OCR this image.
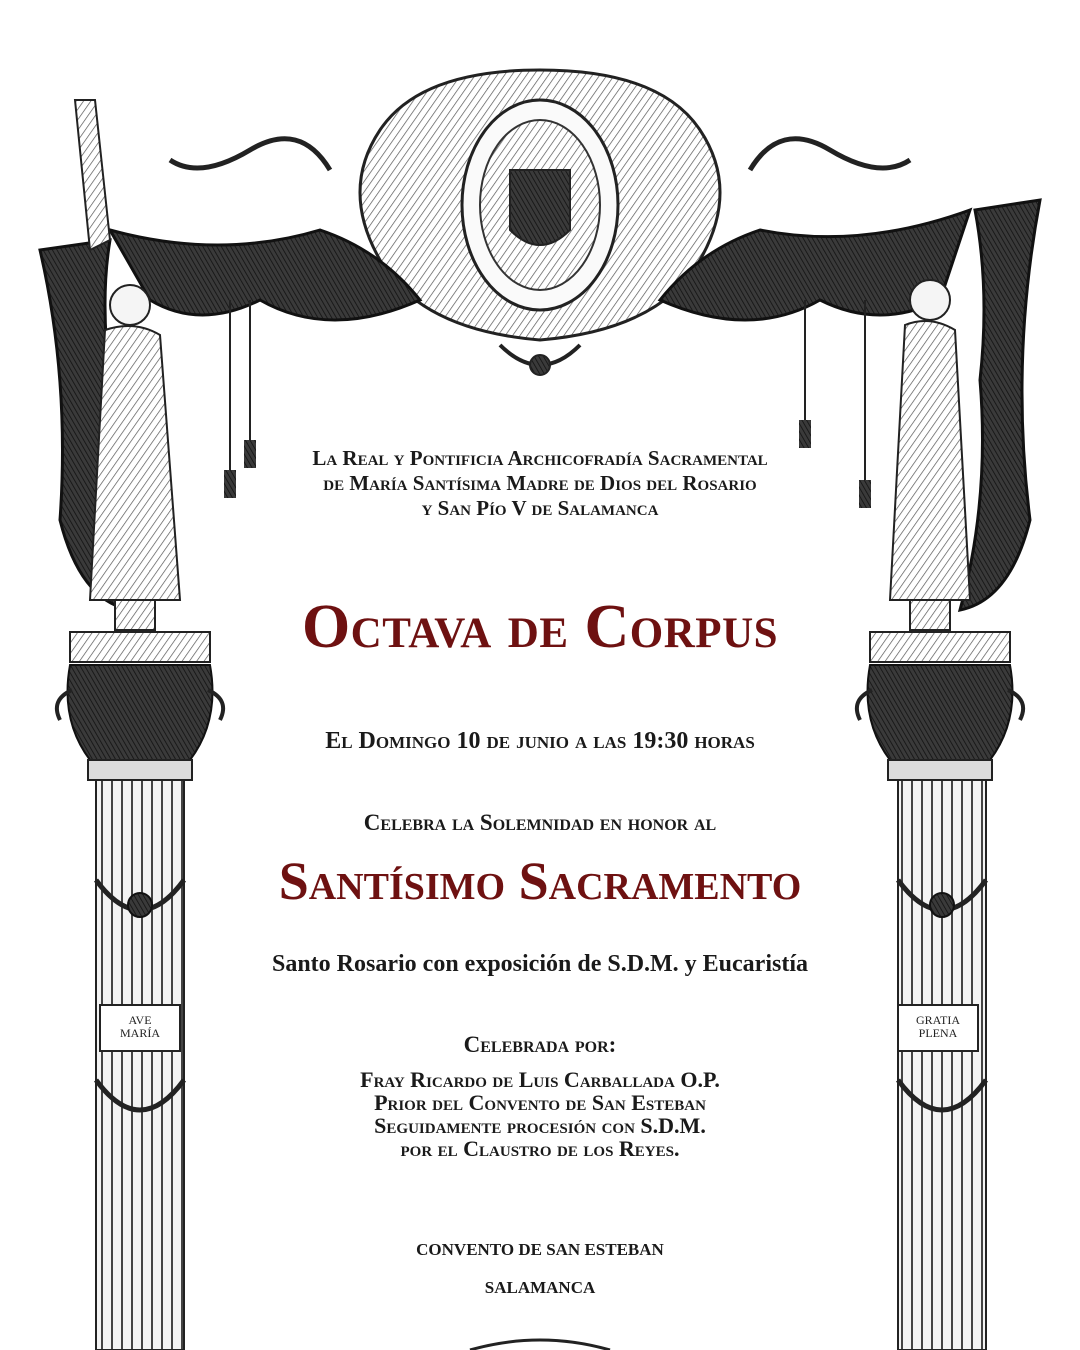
AVE
MARÍA
GRATIA
PLENA
La Real y Pontificia Archicofradía Sacramental
de María Santísima Madre de Dios del Rosario
y San Pío V de Salamanca
Octava de Corpus
El Domingo 10 de junio a las 19:30 horas
Celebra la Solemnidad en honor al
Santísimo Sacramento
Santo Rosario con exposición de S.D.M. y Eucaristía
Celebrada por:
Fray Ricardo de Luis Carballada O.P.
Prior del Convento de San Esteban
Seguidamente procesión con S.D.M.
por el Claustro de los Reyes.
CONVENTO DE SAN ESTEBAN
SALAMANCA
